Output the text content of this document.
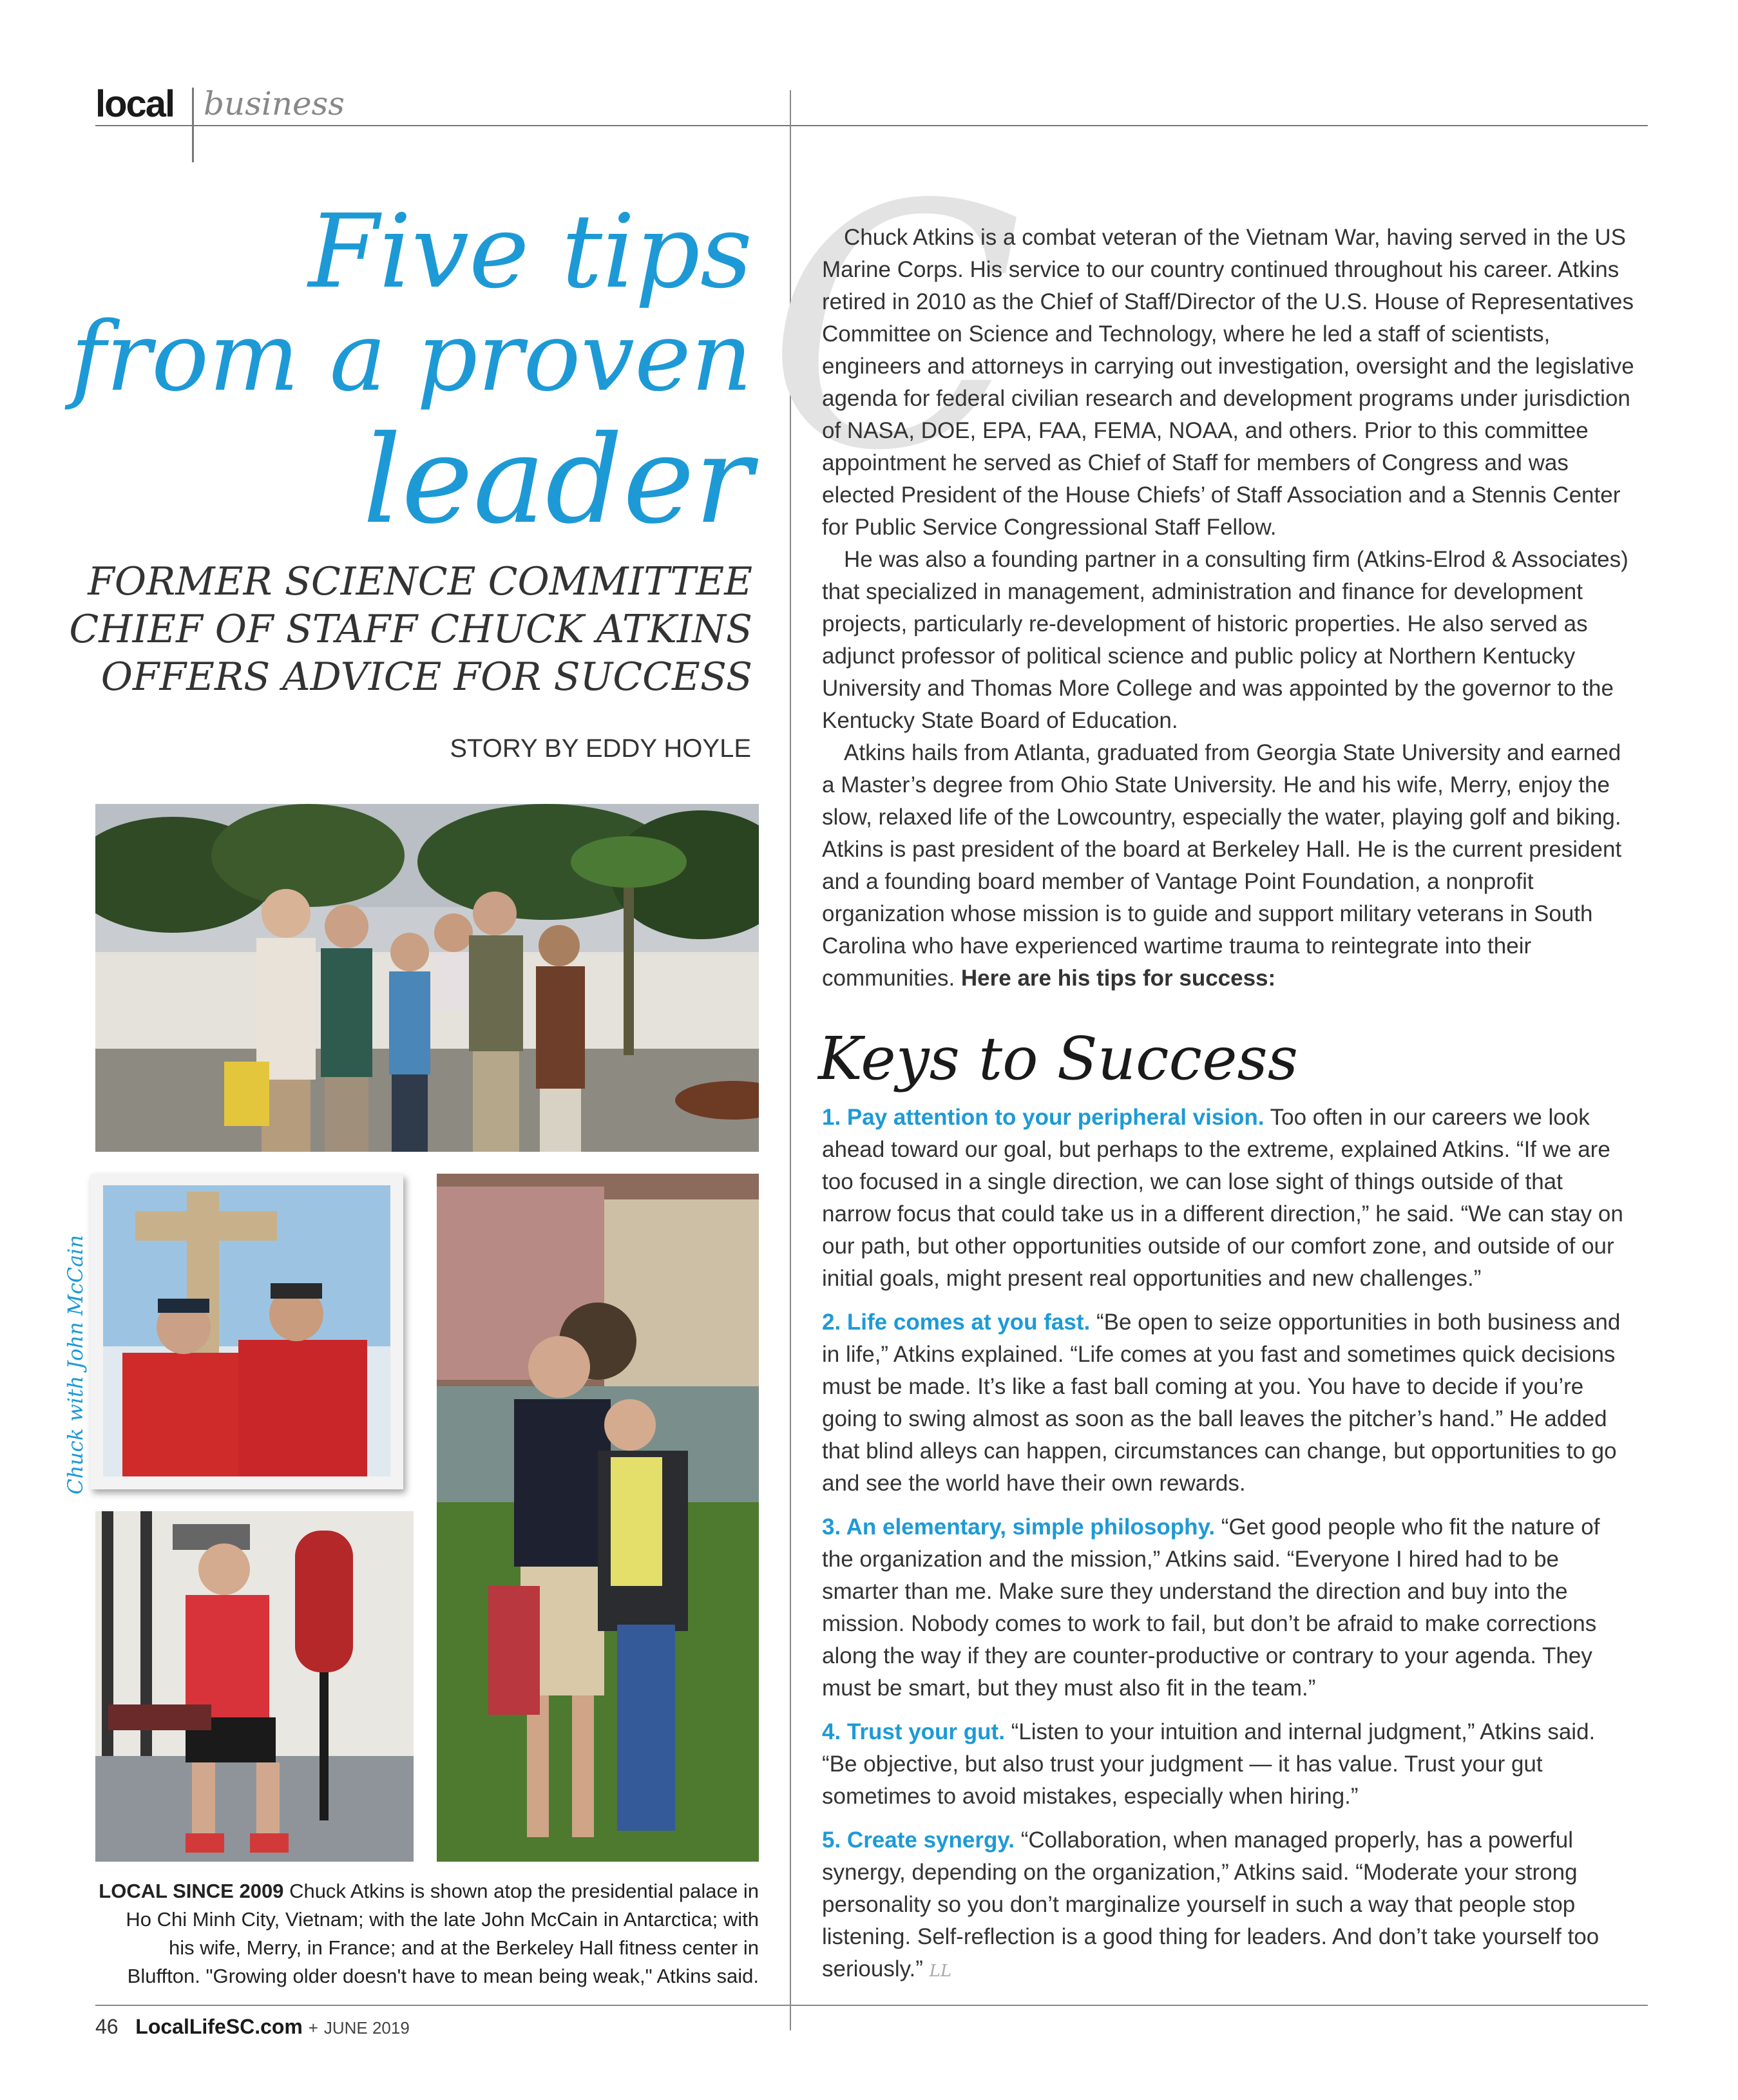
local business
Five tips
from a proven
leader
FORMER SCIENCE COMMITTEE
CHIEF OF STAFF CHUCK ATKINS
OFFERS ADVICE FOR SUCCESS
STORY BY EDDY HOYLE
Chuck with John McCain
LOCAL SINCE 2009 Chuck Atkins is shown atop the presidential palace in Ho Chi Minh City, Vietnam; with the late John McCain in Antarctica; with his wife, Merry, in France; and at the Berkeley Hall fitness center in Bluffton. "Growing older doesn't have to mean being weak," Atkins said.
C

Chuck Atkins is a combat veteran of the Vietnam War, having served in the US Marine Corps. His service to our country continued throughout his career. Atkins retired in 2010 as the Chief of Staff/Director of the U.S. House of Representatives Committee on Science and Technology, where he led a staff of scientists, engineers and attorneys in carrying out investigation, oversight and the legislative agenda for federal civilian research and development programs under jurisdiction of NASA, DOE, EPA, FAA, FEMA, NOAA, and others. Prior to this committee appointment he served as Chief of Staff for members of Congress and was elected President of the House Chiefs’ of Staff Association and a Stennis Center for Public Service Congressional Staff Fellow.

He was also a founding partner in a consulting firm (Atkins-Elrod & Associates) that specialized in management, administration and finance for development projects, particularly re-development of historic properties. He also served as adjunct professor of political science and public policy at Northern Kentucky University and Thomas More College and was appointed by the governor to the Kentucky State Board of Education.

Atkins hails from Atlanta, graduated from Georgia State University and earned a Master’s degree from Ohio State University. He and his wife, Merry, enjoy the slow, relaxed life of the Lowcountry, especially the water, playing golf and biking. Atkins is past president of the board at Berkeley Hall. He is the current president and a founding board member of Vantage Point Foundation, a nonprofit organization whose mission is to guide and support military veterans in South Carolina who have experienced wartime trauma to reintegrate into their communities. Here are his tips for success:

Keys to Success

1. Pay attention to your peripheral vision. Too often in our careers we look ahead toward our goal, but perhaps to the extreme, explained Atkins. “If we are too focused in a single direction, we can lose sight of things outside of that narrow focus that could take us in a different direction,” he said. “We can stay on our path, but other opportunities outside of our comfort zone, and outside of our initial goals, might present real opportunities and new challenges.”

2. Life comes at you fast. “Be open to seize opportunities in both business and in life,” Atkins explained. “Life comes at you fast and sometimes quick decisions must be made. It’s like a fast ball coming at you. You have to decide if you’re going to swing almost as soon as the ball leaves the pitcher’s hand.” He added that blind alleys can happen, circumstances can change, but opportunities to go and see the world have their own rewards.

3. An elementary, simple philosophy. “Get good people who fit the nature of the organization and the mission,” Atkins said. “Everyone I hired had to be smarter than me. Make sure they understand the direction and buy into the mission. Nobody comes to work to fail, but don’t be afraid to make corrections along the way if they are counter-productive or contrary to your agenda. They must be smart, but they must also fit in the team.”

4. Trust your gut. “Listen to your intuition and internal judgment,” Atkins said. “Be objective, but also trust your judgment — it has value. Trust your gut sometimes to avoid mistakes, especially when hiring.”

5. Create synergy. “Collaboration, when managed properly, has a powerful synergy, depending on the organization,” Atkins said. “Moderate your strong personality so you don’t marginalize yourself in such a way that people stop listening. Self-reflection is a good thing for leaders. And don’t take yourself too seriously.” LL

46 LocalLifeSC.com + JUNE 2019
